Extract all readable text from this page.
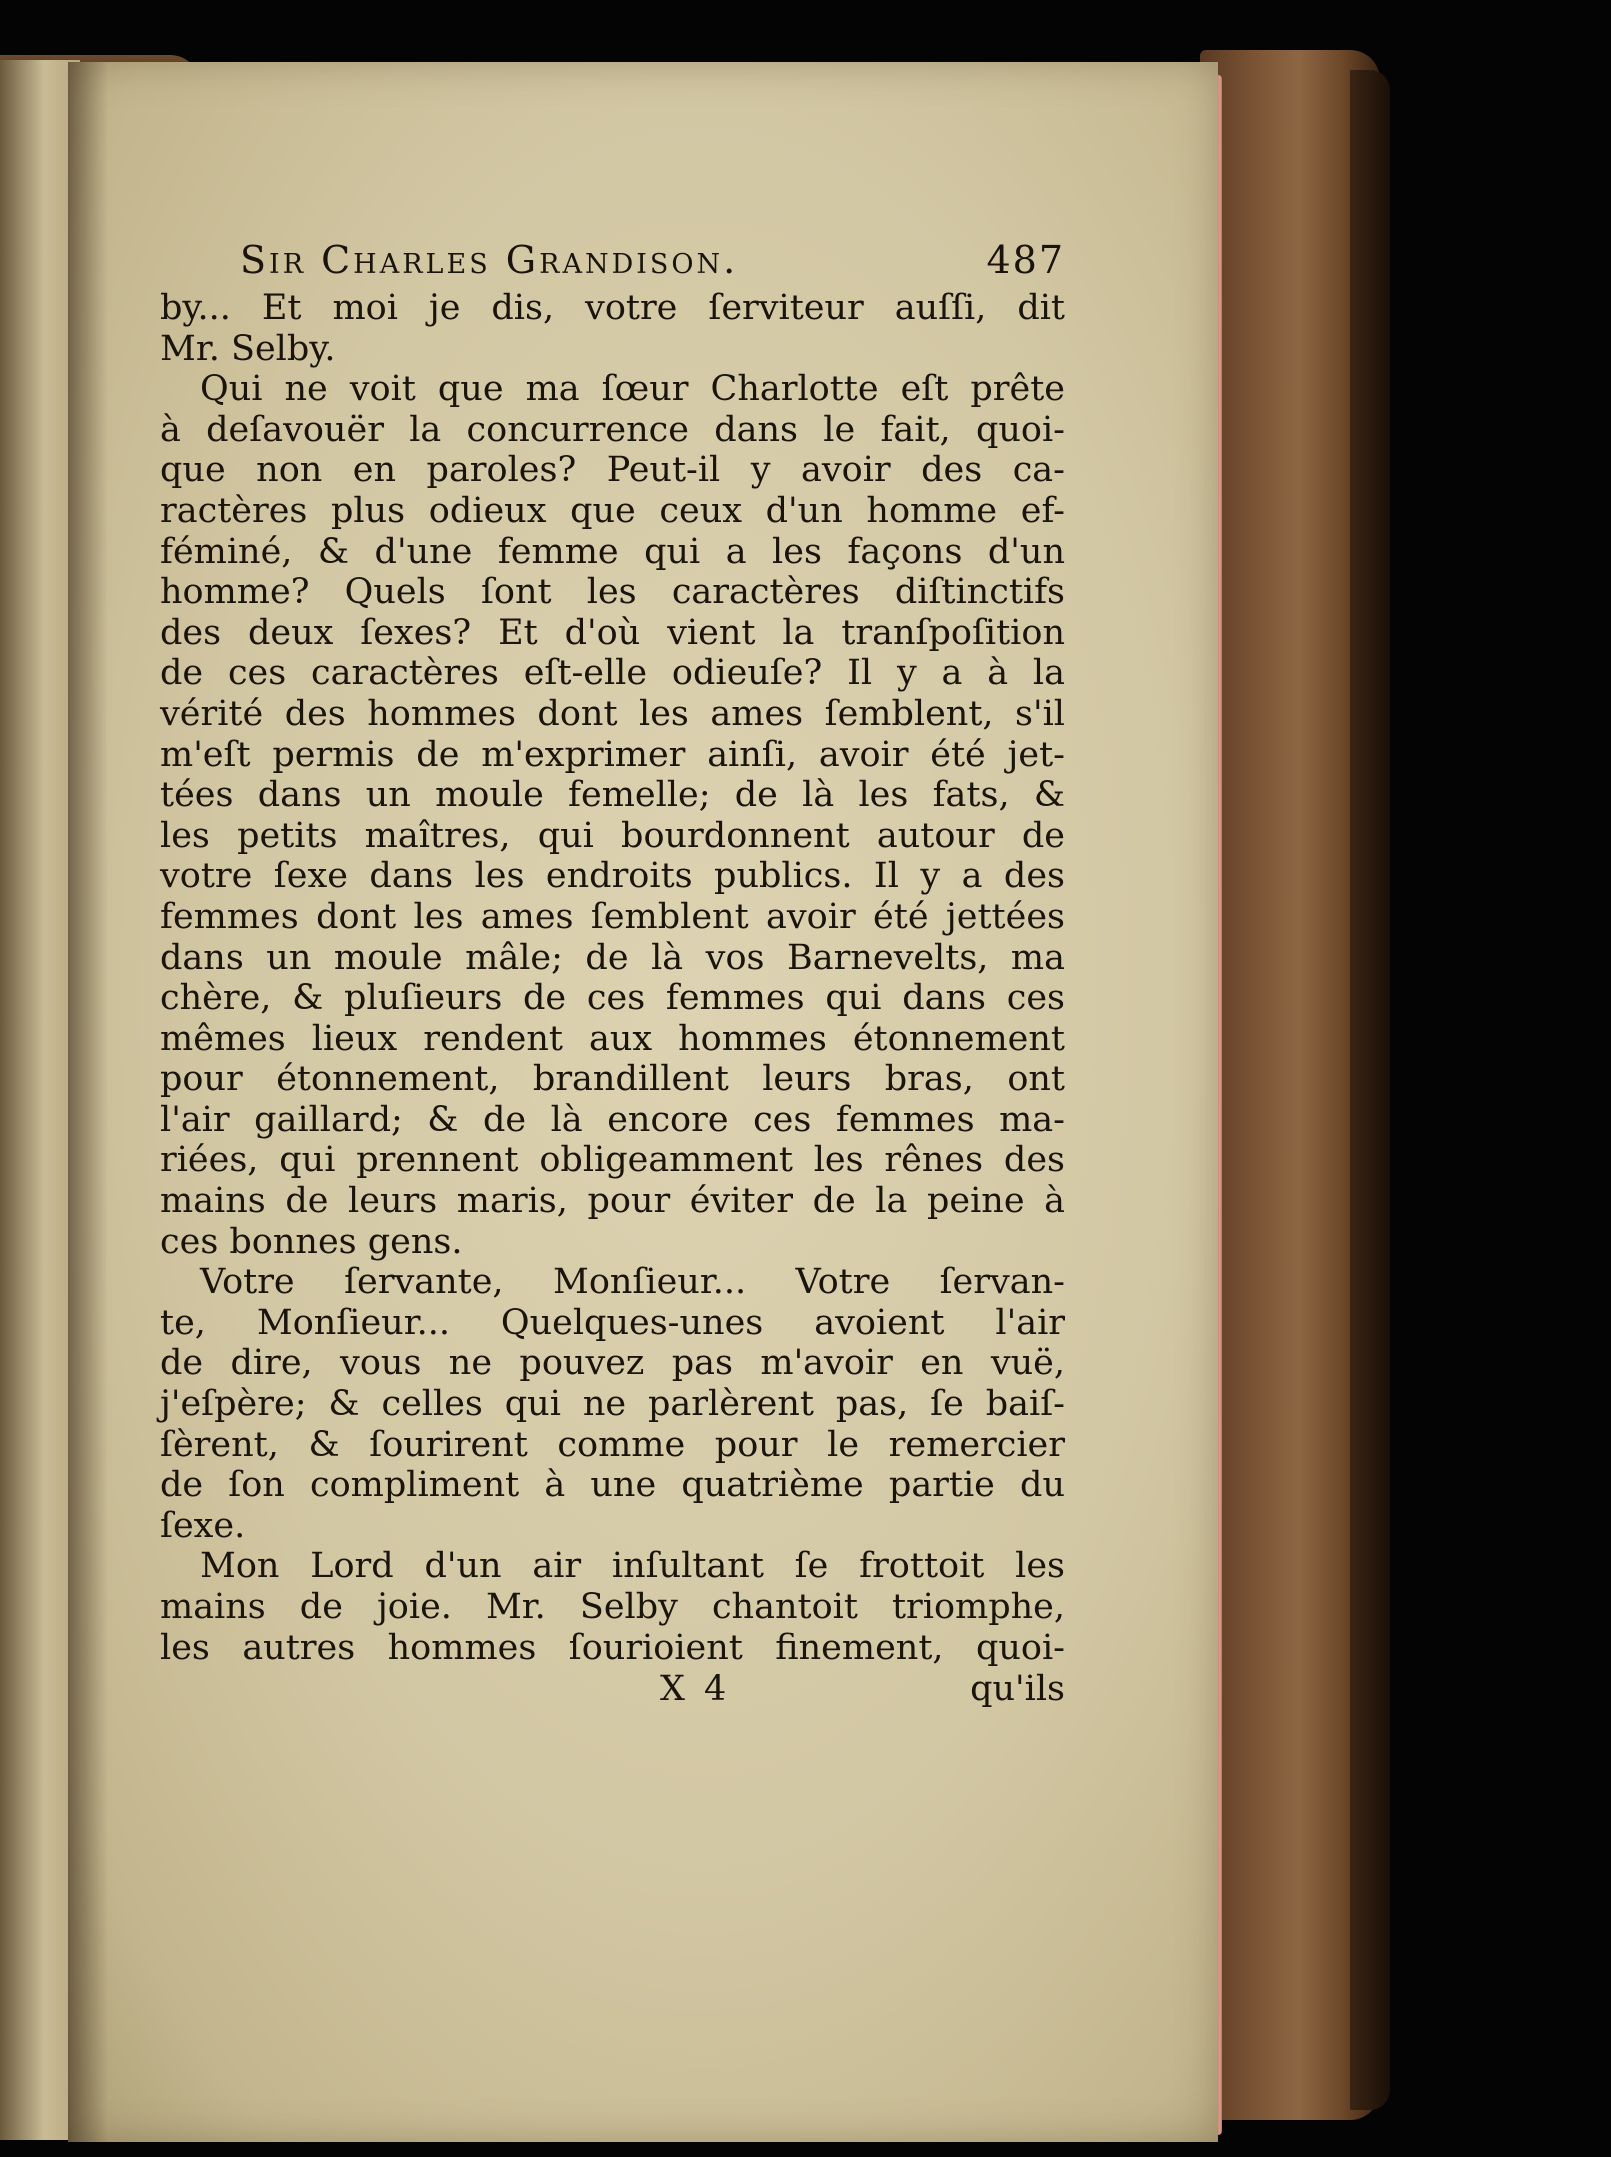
Sir Charles Grandison.	487
by... Et moi je dis, votre ſerviteur auſſi, dit
Mr. Selby.
Qui ne voit que ma ſœur Charlotte eſt prête
à deſavouër la concurrence dans le fait, quoi-
que non en paroles? Peut-il y avoir des ca-
ractères plus odieux que ceux d'un homme ef-
féminé, & d'une femme qui a les façons d'un
homme? Quels ſont les caractères diſtinctifs
des deux ſexes? Et d'où vient la tranſpoſition
de ces caractères eſt-elle odieuſe? Il y a à la
vérité des hommes dont les ames ſemblent, s'il
m'eſt permis de m'exprimer ainſi, avoir été jet-
tées dans un moule femelle; de là les fats, &
les petits maîtres, qui bourdonnent autour de
votre ſexe dans les endroits publics. Il y a des
femmes dont les ames ſemblent avoir été jettées
dans un moule mâle; de là vos Barnevelts, ma
chère, & pluſieurs de ces femmes qui dans ces
mêmes lieux rendent aux hommes étonnement
pour étonnement, brandillent leurs bras, ont
l'air gaillard; & de là encore ces femmes ma-
riées, qui prennent obligeamment les rênes des
mains de leurs maris, pour éviter de la peine à
ces bonnes gens.
Votre ſervante, Monſieur... Votre ſervan-
te, Monſieur... Quelques-unes avoient l'air
de dire, vous ne pouvez pas m'avoir en vuë,
j'eſpère; & celles qui ne parlèrent pas, ſe baiſ-
ſèrent, & ſourirent comme pour le remercier
de ſon compliment à une quatrième partie du
ſexe.
Mon Lord d'un air inſultant ſe frottoit les
mains de joie. Mr. Selby chantoit triomphe,
les autres hommes ſourioient finement, quoi-
X 4	qu'ils
